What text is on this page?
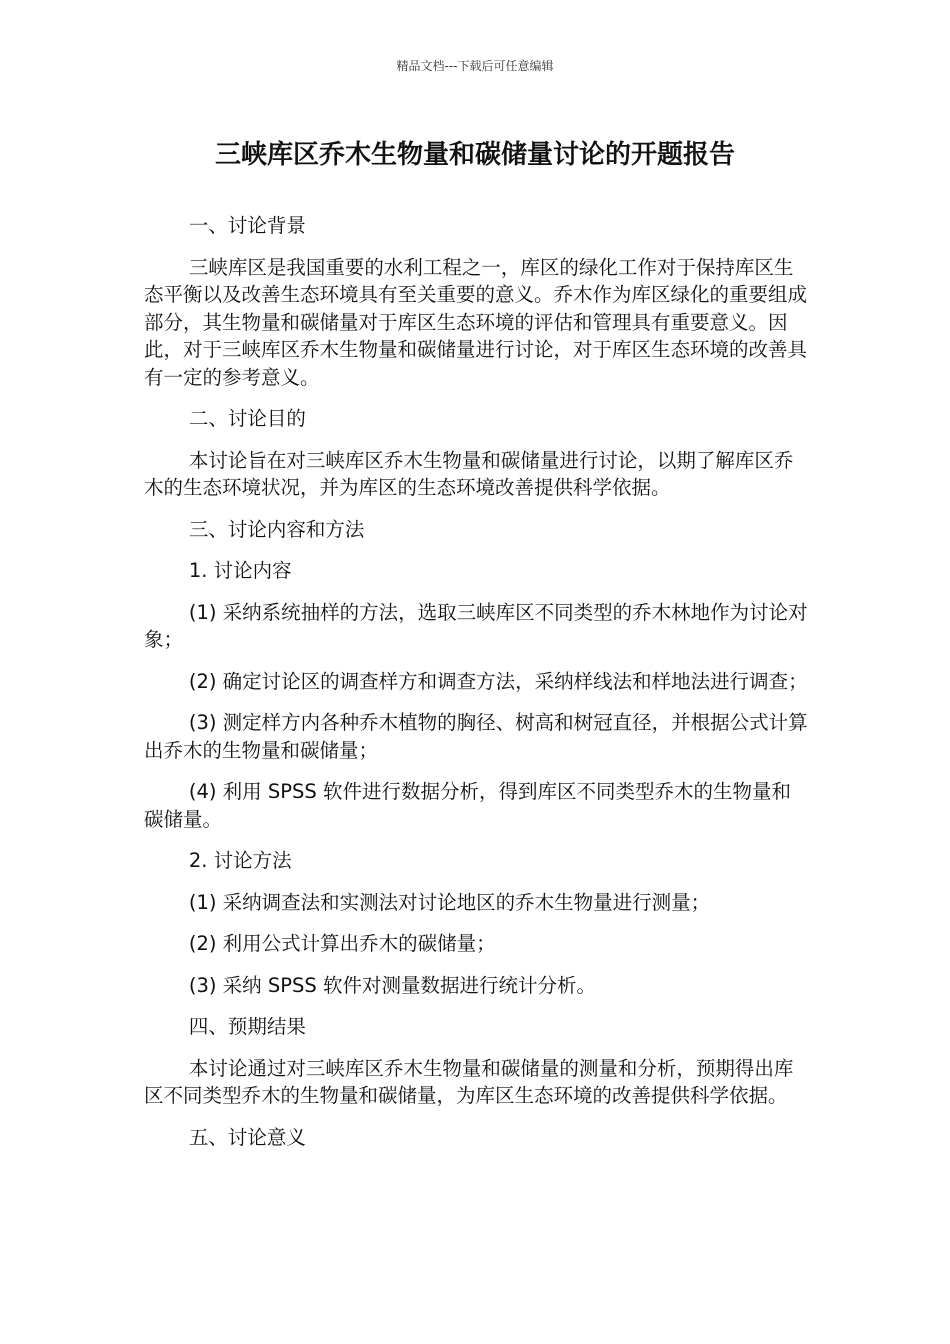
精品文档---下载后可任意编辑
三峡库区乔木生物量和碳储量讨论的开题报告

一、讨论背景

三峡库区是我国重要的水利工程之一，库区的绿化工作对于保持库区生态平衡以及改善生态环境具有至关重要的意义。乔木作为库区绿化的重要组成部分，其生物量和碳储量对于库区生态环境的评估和管理具有重要意义。因此，对于三峡库区乔木生物量和碳储量进行讨论，对于库区生态环境的改善具有一定的参考意义。

二、讨论目的

本讨论旨在对三峡库区乔木生物量和碳储量进行讨论，以期了解库区乔木的生态环境状况，并为库区的生态环境改善提供科学依据。

三、讨论内容和方法

1. 讨论内容

(1) 采纳系统抽样的方法，选取三峡库区不同类型的乔木林地作为讨论对象；

(2) 确定讨论区的调查样方和调查方法，采纳样线法和样地法进行调查；

(3) 测定样方内各种乔木植物的胸径、树高和树冠直径，并根据公式计算出乔木的生物量和碳储量；

(4) 利用 SPSS 软件进行数据分析，得到库区不同类型乔木的生物量和碳储量。

2. 讨论方法

(1) 采纳调查法和实测法对讨论地区的乔木生物量进行测量；

(2) 利用公式计算出乔木的碳储量；

(3) 采纳 SPSS 软件对测量数据进行统计分析。

四、预期结果

本讨论通过对三峡库区乔木生物量和碳储量的测量和分析，预期得出库区不同类型乔木的生物量和碳储量，为库区生态环境的改善提供科学依据。

五、讨论意义
